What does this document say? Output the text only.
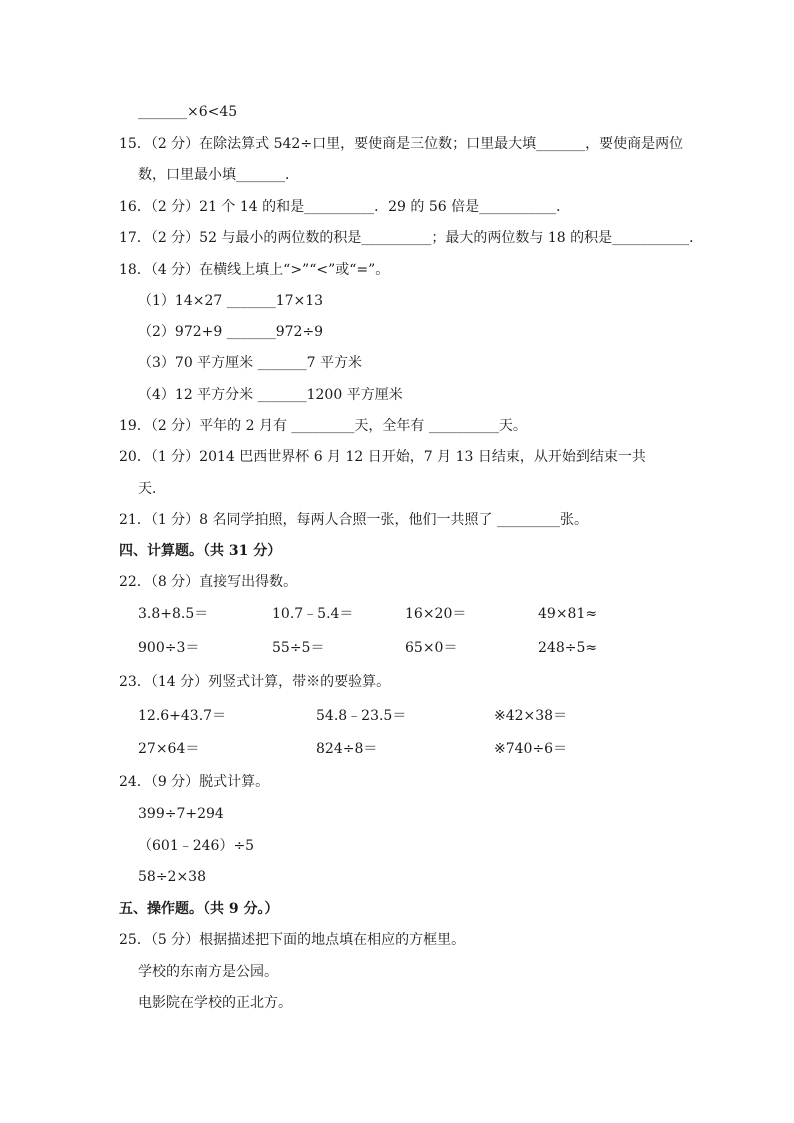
_______×6<45
15．（2 分）在除法算式 542÷口里，要使商是三位数；口里最大填_______，要使商是两位
数，口里最小填_______．
16．（2 分）21 个 14 的和是__________．29 的 56 倍是___________．
17．（2 分）52 与最小的两位数的积是__________；最大的两位数与 18 的积是___________．
18．（4 分）在横线上填上“>”“<”或“=”。
（1）14×27 _______17×13
（2）972+9 _______972÷9
（3）70 平方厘米 _______7 平方米
（4）12 平方分米 _______1200 平方厘米
19．（2 分）平年的 2 月有 _________天，全年有 __________天。
20．（1 分）2014 巴西世界杯 6 月 12 日开始，7 月 13 日结束，从开始到结束一共
天．
21．（1 分）8 名同学拍照，每两人合照一张，他们一共照了 _________张。
四、计算题。（共 31 分）
22．（8 分）直接写出得数。
3.8+8.5＝	10.7﹣5.4＝	16×20＝	49×81≈
900÷3＝	55÷5＝	65×0＝	248÷5≈
23．（14 分）列竖式计算，带※的要验算。
12.6+43.7＝	54.8﹣23.5＝	※42×38＝
27×64＝	824÷8＝	※740÷6＝
24．（9 分）脱式计算。
399÷7+294
（601﹣246）÷5
58÷2×38
五、操作题。（共 9 分。）
25．（5 分）根据描述把下面的地点填在相应的方框里。
学校的东南方是公园。
电影院在学校的正北方。
